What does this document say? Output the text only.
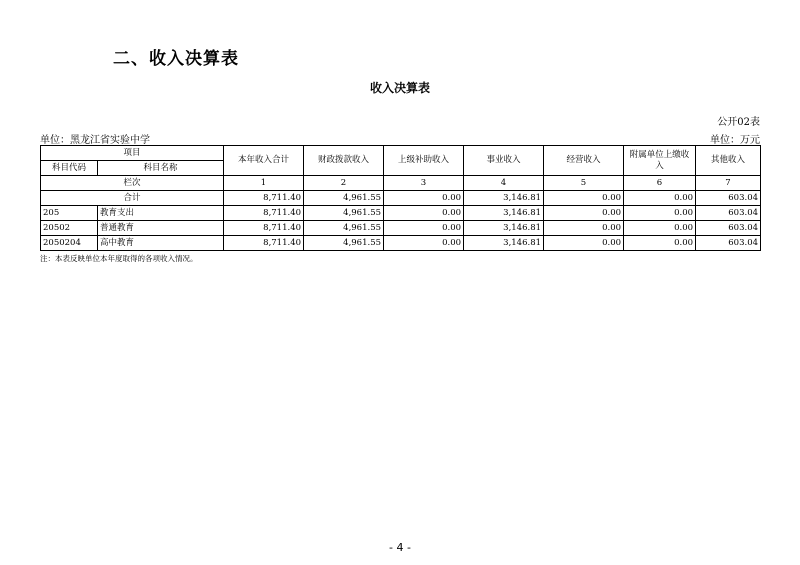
二、收入决算表
收入决算表
公开02表
单位：黑龙江省实验中学	单位：万元
项目		本年收入合计	财政拨款收入	上级补助收入	事业收入	经营收入	附属单位上缴收入	其他收入
科目代码	科目名称							
栏次		1	2	3	4	5	6	7
合计		8,711.40	4,961.55	0.00	3,146.81	0.00	0.00	603.04
205	教育支出	8,711.40	4,961.55	0.00	3,146.81	0.00	0.00	603.04
20502	普通教育	8,711.40	4,961.55	0.00	3,146.81	0.00	0.00	603.04
2050204	高中教育	8,711.40	4,961.55	0.00	3,146.81	0.00	0.00	603.04
注：本表反映单位本年度取得的各项收入情况。
- 4 -
